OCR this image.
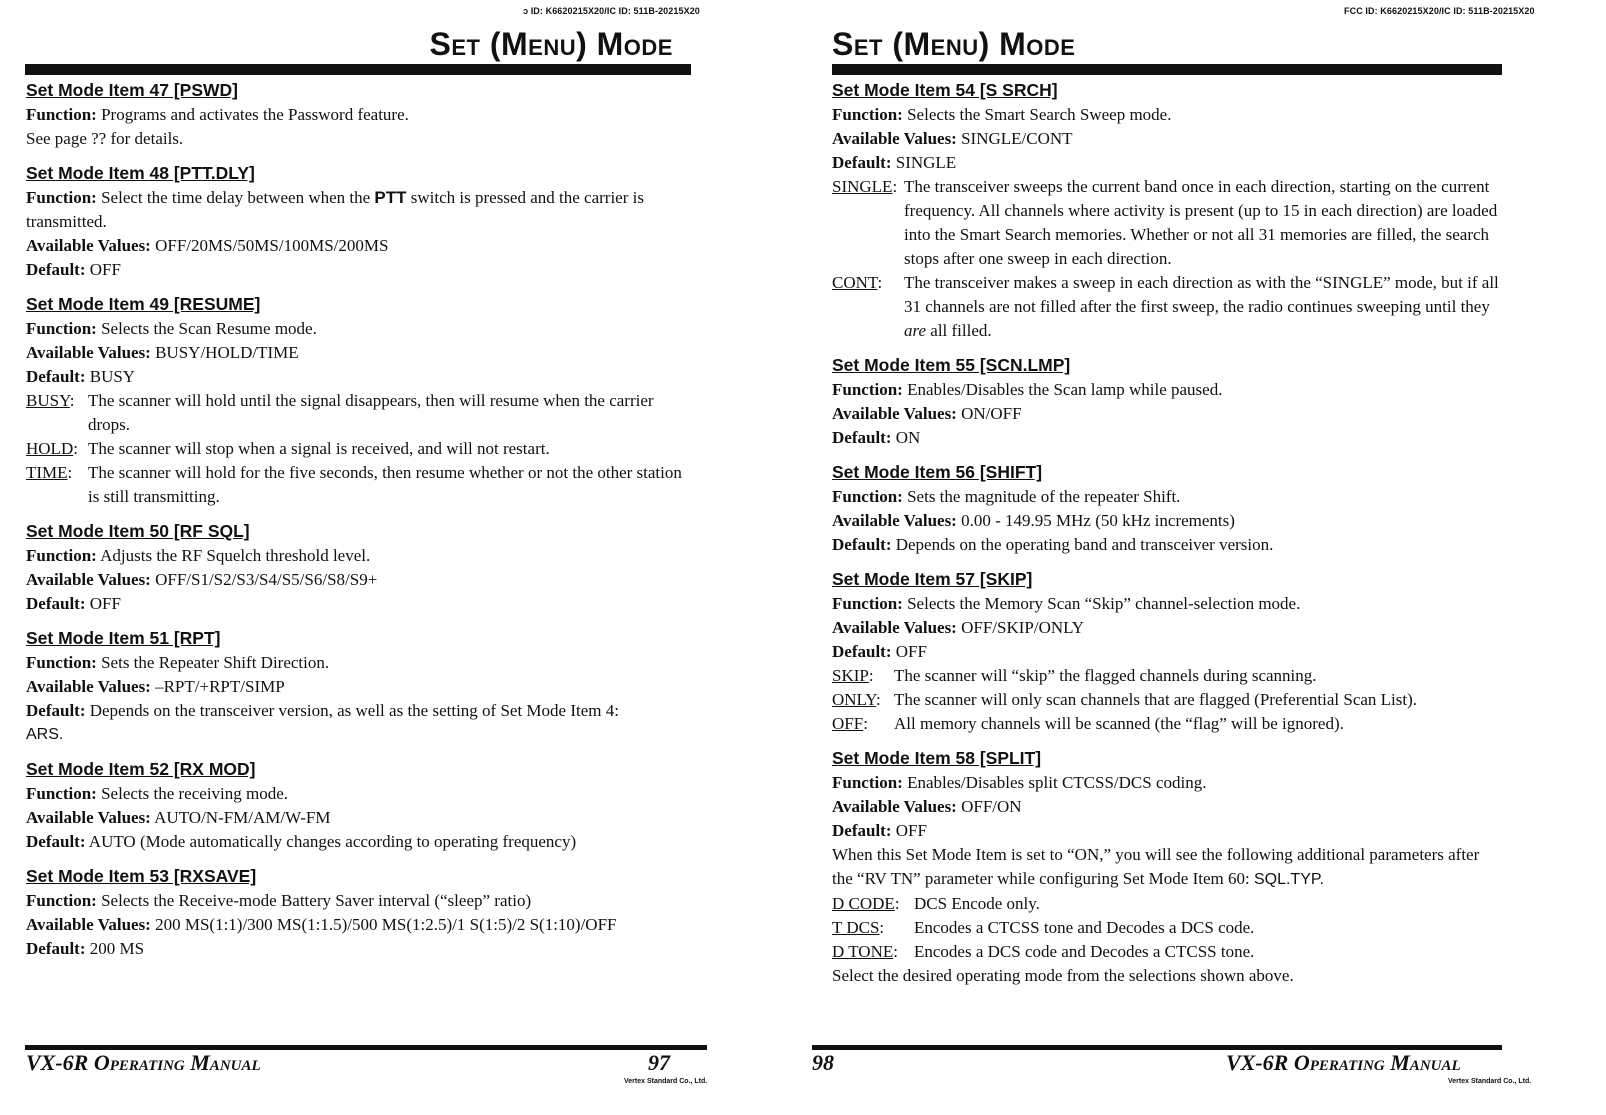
ɔ ID: K6620215X20/IC ID: 511B-20215X20
Set (Menu) Mode
Set Mode Item 47 [PSWD]
Function: Programs and activates the Password feature.
See page ?? for details.
Set Mode Item 48 [PTT.DLY]
Function: Select the time delay between when the PTT switch is pressed and the carrier is transmitted.
Available Values: OFF/20MS/50MS/100MS/200MS
Default: OFF
Set Mode Item 49 [RESUME]
Function: Selects the Scan Resume mode.
Available Values: BUSY/HOLD/TIME
Default: BUSY
BUSY: The scanner will hold until the signal disappears, then will resume when the carrier drops.
HOLD: The scanner will stop when a signal is received, and will not restart.
TIME: The scanner will hold for the five seconds, then resume whether or not the other station is still transmitting.
Set Mode Item 50 [RF SQL]
Function: Adjusts the RF Squelch threshold level.
Available Values: OFF/S1/S2/S3/S4/S5/S6/S8/S9+
Default: OFF
Set Mode Item 51 [RPT]
Function: Sets the Repeater Shift Direction.
Available Values: –RPT/+RPT/SIMP
Default: Depends on the transceiver version, as well as the setting of Set Mode Item 4:
ARS.
Set Mode Item 52 [RX MOD]
Function: Selects the receiving mode.
Available Values: AUTO/N-FM/AM/W-FM
Default: AUTO (Mode automatically changes according to operating frequency)
Set Mode Item 53 [RXSAVE]
Function: Selects the Receive-mode Battery Saver interval (“sleep” ratio)
Available Values: 200 MS(1:1)/300 MS(1:1.5)/500 MS(1:2.5)/1 S(1:5)/2 S(1:10)/OFF
Default: 200 MS
VX-6R Operating Manual	97
Vertex Standard Co., Ltd.
FCC ID: K6620215X20/IC ID: 511B-20215X20
Set (Menu) Mode
Set Mode Item 54 [S SRCH]
Function: Selects the Smart Search Sweep mode.
Available Values: SINGLE/CONT
Default: SINGLE
SINGLE: The transceiver sweeps the current band once in each direction, starting on the current frequency. All channels where activity is present (up to 15 in each direction) are loaded into the Smart Search memories. Whether or not all 31 memories are filled, the search stops after one sweep in each direction.
CONT:	The transceiver makes a sweep in each direction as with the “SINGLE” mode, but if all 31 channels are not filled after the first sweep, the radio continues sweeping until they are all filled.
Set Mode Item 55 [SCN.LMP]
Function: Enables/Disables the Scan lamp while paused.
Available Values: ON/OFF
Default: ON
Set Mode Item 56 [SHIFT]
Function: Sets the magnitude of the repeater Shift.
Available Values: 0.00 - 149.95 MHz (50 kHz increments)
Default: Depends on the operating band and transceiver version.
Set Mode Item 57 [SKIP]
Function: Selects the Memory Scan “Skip” channel-selection mode.
Available Values: OFF/SKIP/ONLY
Default: OFF
SKIP:	The scanner will “skip” the flagged channels during scanning.
ONLY: The scanner will only scan channels that are flagged (Preferential Scan List).
OFF:	All memory channels will be scanned (the “flag” will be ignored).
Set Mode Item 58 [SPLIT]
Function: Enables/Disables split CTCSS/DCS coding.
Available Values: OFF/ON
Default: OFF
When this Set Mode Item is set to “ON,” you will see the following additional parameters after the “RV TN” parameter while configuring Set Mode Item 60: SQL.TYP.
D CODE: DCS Encode only.
T DCS:	Encodes a CTCSS tone and Decodes a DCS code.
D TONE: Encodes a DCS code and Decodes a CTCSS tone.
Select the desired operating mode from the selections shown above.
98	VX-6R Operating Manual
Vertex Standard Co., Ltd.
